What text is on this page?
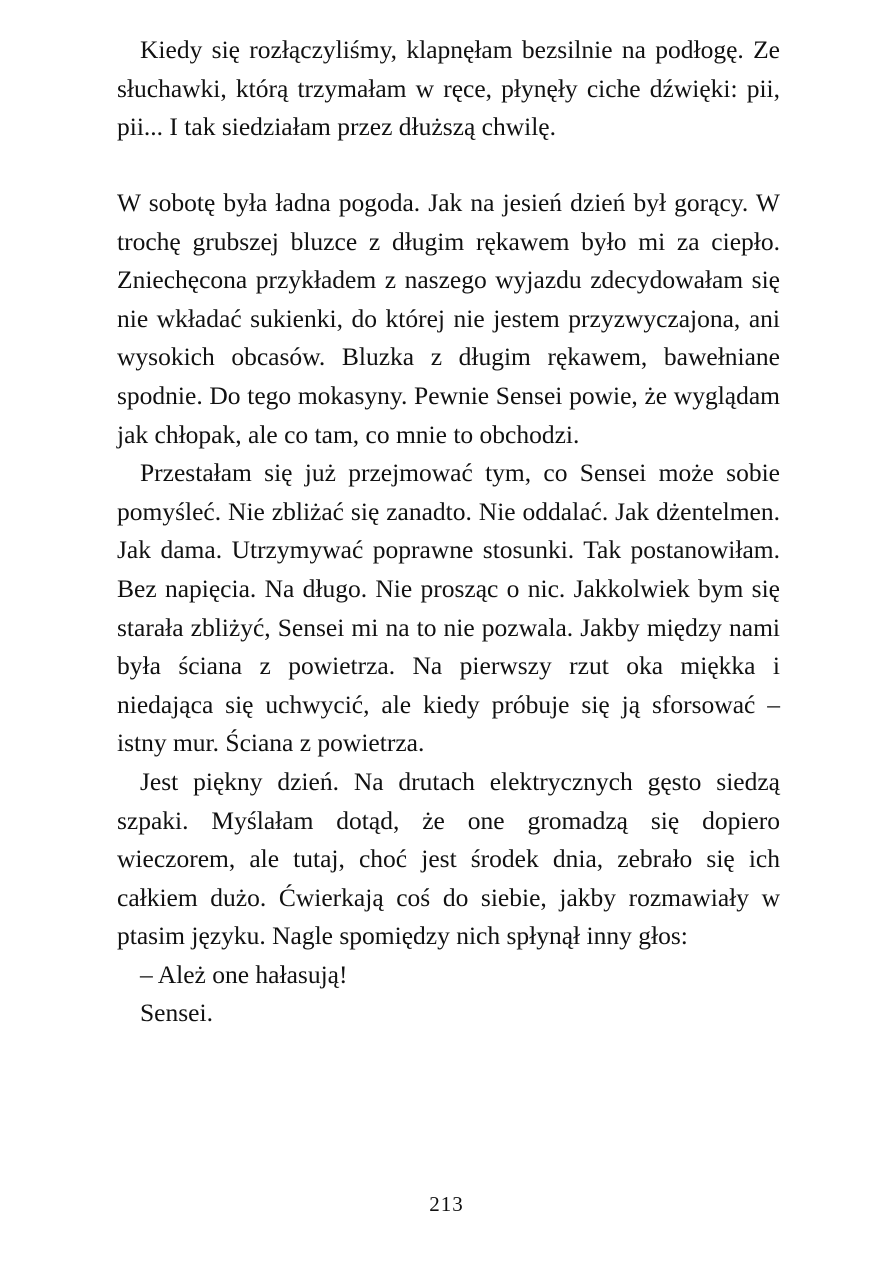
Kiedy się rozłączyliśmy, klapnęłam bezsilnie na podłogę. Ze słuchawki, którą trzymałam w ręce, płynęły ciche dźwięki: pii, pii... I tak siedziałam przez dłuższą chwilę.

W sobotę była ładna pogoda. Jak na jesień dzień był gorący. W trochę grubszej bluzce z długim rękawem było mi za ciepło. Zniechęcona przykładem z naszego wyjazdu zdecydowałam się nie wkładać sukienki, do której nie jestem przyzwyczajona, ani wysokich obcasów. Bluzka z długim rękawem, bawełniane spodnie. Do tego mokasyny. Pewnie Sensei powie, że wyglądam jak chłopak, ale co tam, co mnie to obchodzi.

Przestałam się już przejmować tym, co Sensei może sobie pomyśleć. Nie zbliżać się zanadto. Nie oddalać. Jak dżentelmen. Jak dama. Utrzymywać poprawne stosunki. Tak postanowiłam. Bez napięcia. Na długo. Nie prosząc o nic. Jakkolwiek bym się starała zbliżyć, Sensei mi na to nie pozwala. Jakby między nami była ściana z powietrza. Na pierwszy rzut oka miękka i niedająca się uchwycić, ale kiedy próbuje się ją sforsować – istny mur. Ściana z powietrza.

Jest piękny dzień. Na drutach elektrycznych gęsto siedzą szpaki. Myślałam dotąd, że one gromadzą się dopiero wieczorem, ale tutaj, choć jest środek dnia, zebrało się ich całkiem dużo. Ćwierkają coś do siebie, jakby rozmawiały w ptasim języku. Nagle spomiędzy nich spłynął inny głos:

– Ależ one hałasują!

Sensei.

213
